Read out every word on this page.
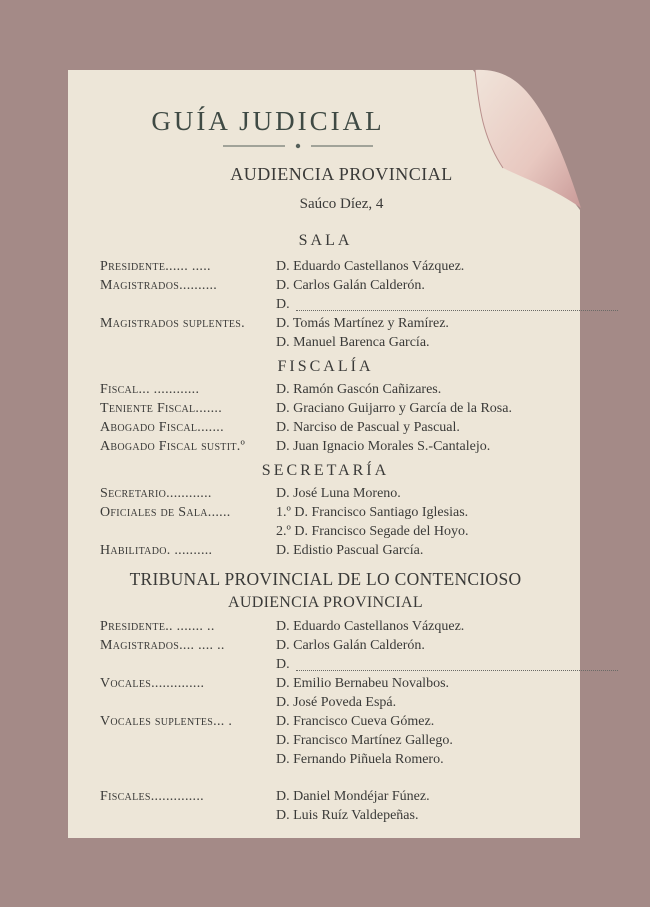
GUÍA JUDICIAL
AUDIENCIA PROVINCIAL
Saúco Díez, 4
SALA
Presidente...... .....	D. Eduardo Castellanos Vázquez.
Magistrados..........	D. Carlos Galán Calderón.
D.
Magistrados suplentes. D. Tomás Martínez y Ramírez.
D. Manuel Barenca García.
FISCALÍA
Fiscal... ............	D. Ramón Gascón Cañizares.
Teniente Fiscal.......	D. Graciano Guijarro y García de la Rosa.
Abogado Fiscal.......	D. Narciso de Pascual y Pascual.
Abogado Fiscal sustit.º D. Juan Ignacio Morales S.-Cantalejo.
SECRETARÍA
Secretario............	D. José Luna Moreno.
Oficiales de Sala......	1.º D. Francisco Santiago Iglesias.
2.º D. Francisco Segade del Hoyo.
Habilitado. ..........	D. Edistio Pascual García.
TRIBUNAL PROVINCIAL DE LO CONTENCIOSO
AUDIENCIA PROVINCIAL
Presidente.. ....... ..	D. Eduardo Castellanos Vázquez.
Magistrados.... .... ..	D. Carlos Galán Calderón.
D.
Vocales..............	D. Emilio Bernabeu Novalbos.
D. José Poveda Espá.
Vocales suplentes... .	D. Francisco Cueva Gómez.
D. Francisco Martínez Gallego.
D. Fernando Piñuela Romero.
Fiscales..............	D. Daniel Mondéjar Fúnez.
D. Luis Ruíz Valdepeñas.
